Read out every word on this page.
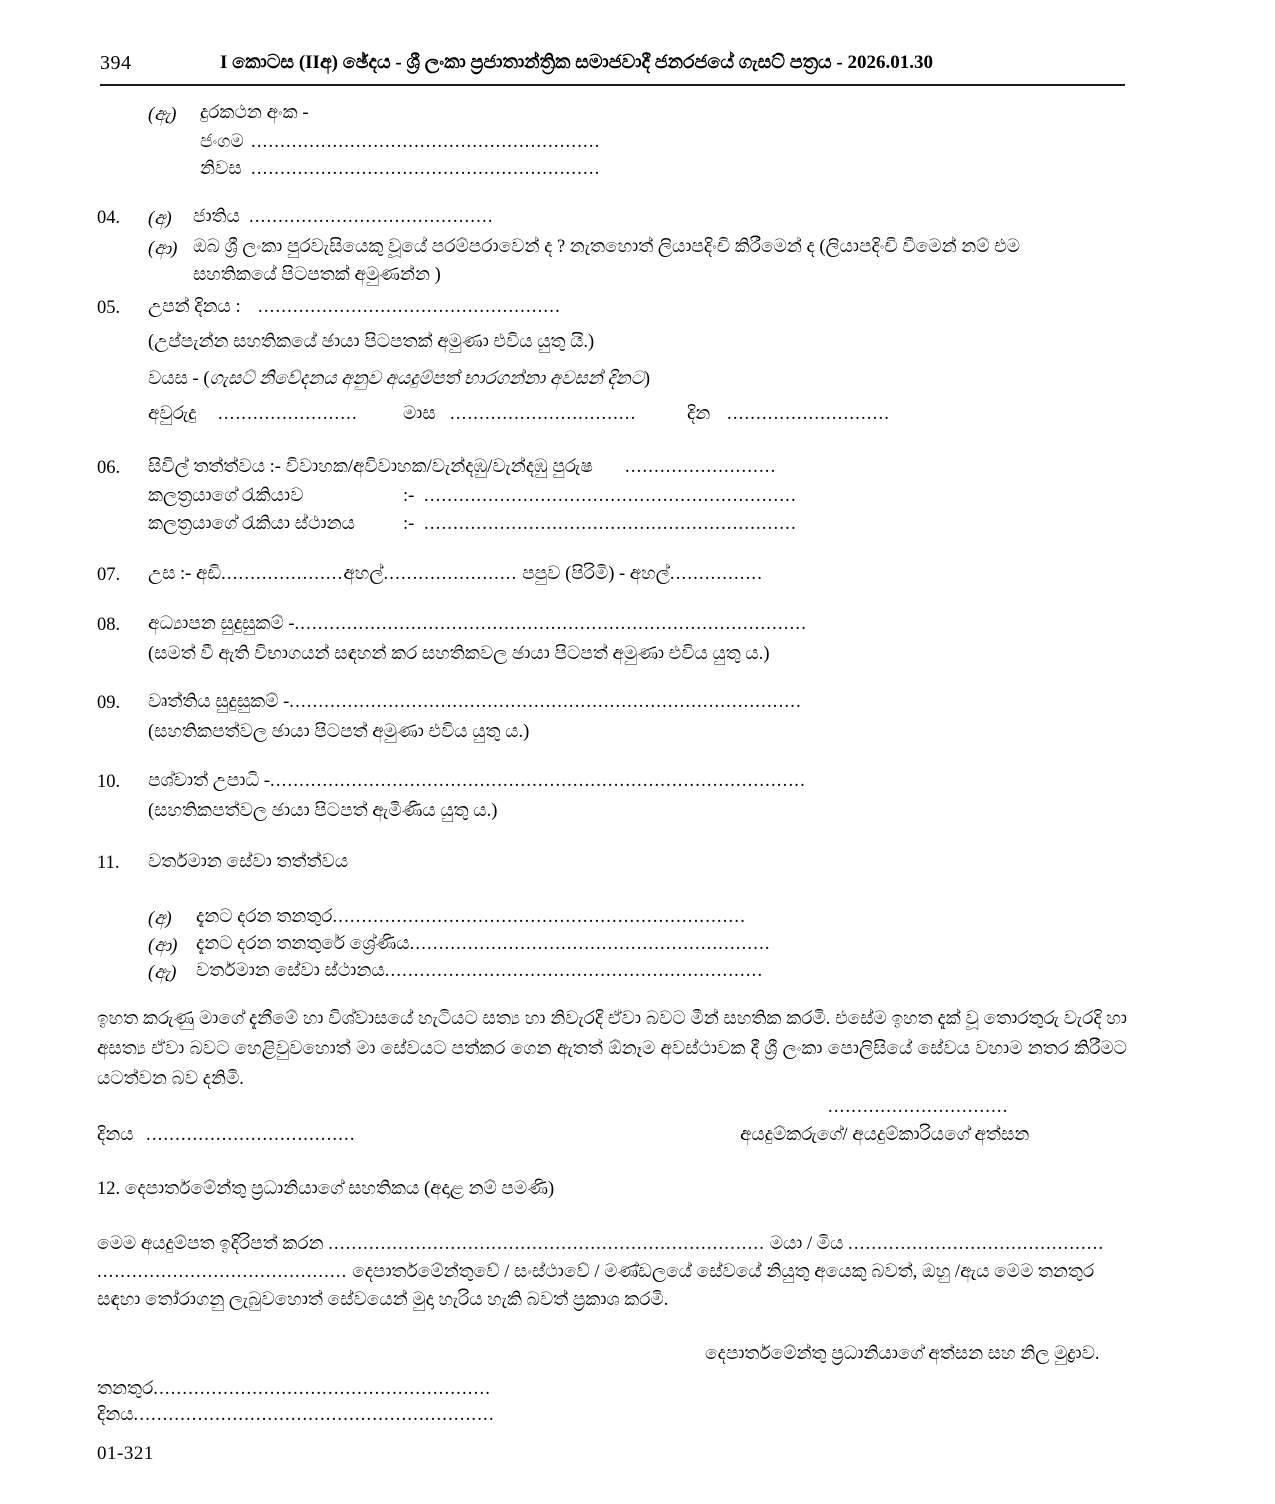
394	I කොටස (IIඅ) ඡේදය - ශ්‍රී ලංකා ප්‍රජාතාන්ත්‍රික සමාජවාදී ජනරජයේ ගැසට් පත්‍රය - 2026.01.30
(ඇ) දුරකථන අංක -
ජංගම ............................................................
නිවස ............................................................
04. (අ) ජාතිය ..........................................
(ආ) ඔබ ශ්‍රී ලංකා පුරවැසියෙකු වූයේ පරම්පරාවෙන් ද ? නැතහොත් ලියාපදිංචි කිරීමෙන් ද (ලියාපදිංචි වීමෙන් නම් එම
සහතිකයේ පිටපතක් අමුණන්න )
05. උපන් දිනය : ....................................................
(උප්පැන්න සහතිකයේ ඡායා පිටපතක් අමුණා එවිය යුතු යි.)
වයස - (ගැසට් නිවේදනය අනුව අයදුම්පත් භාරගන්නා අවසන් දිනට)
අවුරුදු ........................ මාස ................................	දින ............................
06. සිවිල් තත්ත්වය :- විවාහක/අවිවාහක/වැන්දඹු/වැන්දඹු පුරුෂ ..........................
කලත්‍රයාගේ රැකියාව	:- ................................................................
කලත්‍රයාගේ රැකියා ස්ථානය	:- ................................................................
07. උස :- අඩි.....................අහල්....................... පපුව (පිරිමි) - අහල්................
08. අධ්‍යාපන සුදුසුකම් -........................................................................................
(සමත් වී ඇති විභාගයන් සඳහන් කර සහතිකවල ඡායා පිටපත් අමුණා එවිය යුතු ය.)
09. වෘත්තිය සුදුසුකම් -........................................................................................
(සහතිකපත්වල ඡායා පිටපත් අමුණා එවිය යුතු ය.)
10. පශ්චාත් උපාධි -............................................................................................
(සහතිකපත්වල ඡායා පිටපත් ඇමිණිය යුතු ය.)
11. වර්තමාන සේවා තත්ත්වය
(අ) දැනට දරන තනතුර.......................................................................
(ආ) දැනට දරන තනතුරේ ශ්‍රේණිය..............................................................
(ඇ) වර්තමාන සේවා ස්ථානය.................................................................
ඉහත කරුණු මාගේ දැනීමේ හා විශ්වාසයේ හැටියට සත්‍ය හා නිවැරදි ඒවා බවට මීන් සහතික කරමි. එසේම ඉහත දැක් වූ තොරතුරු වැරදි හා අසත්‍ය ඒවා බවට හෙළිවුවහොත් මා සේවයට පත්කර ගෙන ඇතත් ඕනෑම අවස්ථාවක දී ශ්‍රී ලංකා පොලිසියේ සේවය වහාම නතර කිරීමට යටත්වන බව දනිමි.
...............................
දිනය ....................................	අයදුම්කරුගේ/ අයදුම්කාරියගේ අත්සන
12. දෙපාර්තමේන්තු ප්‍රධානියාගේ සහතිකය (අදාළ නම් පමණි)
මෙම අයදුම්පත ඉදිරිපත් කරන ........................................................................... මයා / මිය ............................................
........................................... දෙපාර්තමේන්තුවේ / සංස්ථාවේ / මණ්ඩලයේ සේවයේ නියුතු අයෙකු බවත්, ඔහු /ඇය මෙම තනතුර
සඳහා තෝරාගනු ලැබුවහොත් සේවයෙන් මුදා හැරිය හැකි බවත් ප්‍රකාශ කරමි.
දෙපාර්තමේන්තු ප්‍රධානියාගේ අත්සන සහ නිල මුද්‍රාව.
තනතුර..........................................................
දිනය..............................................................
01-321
